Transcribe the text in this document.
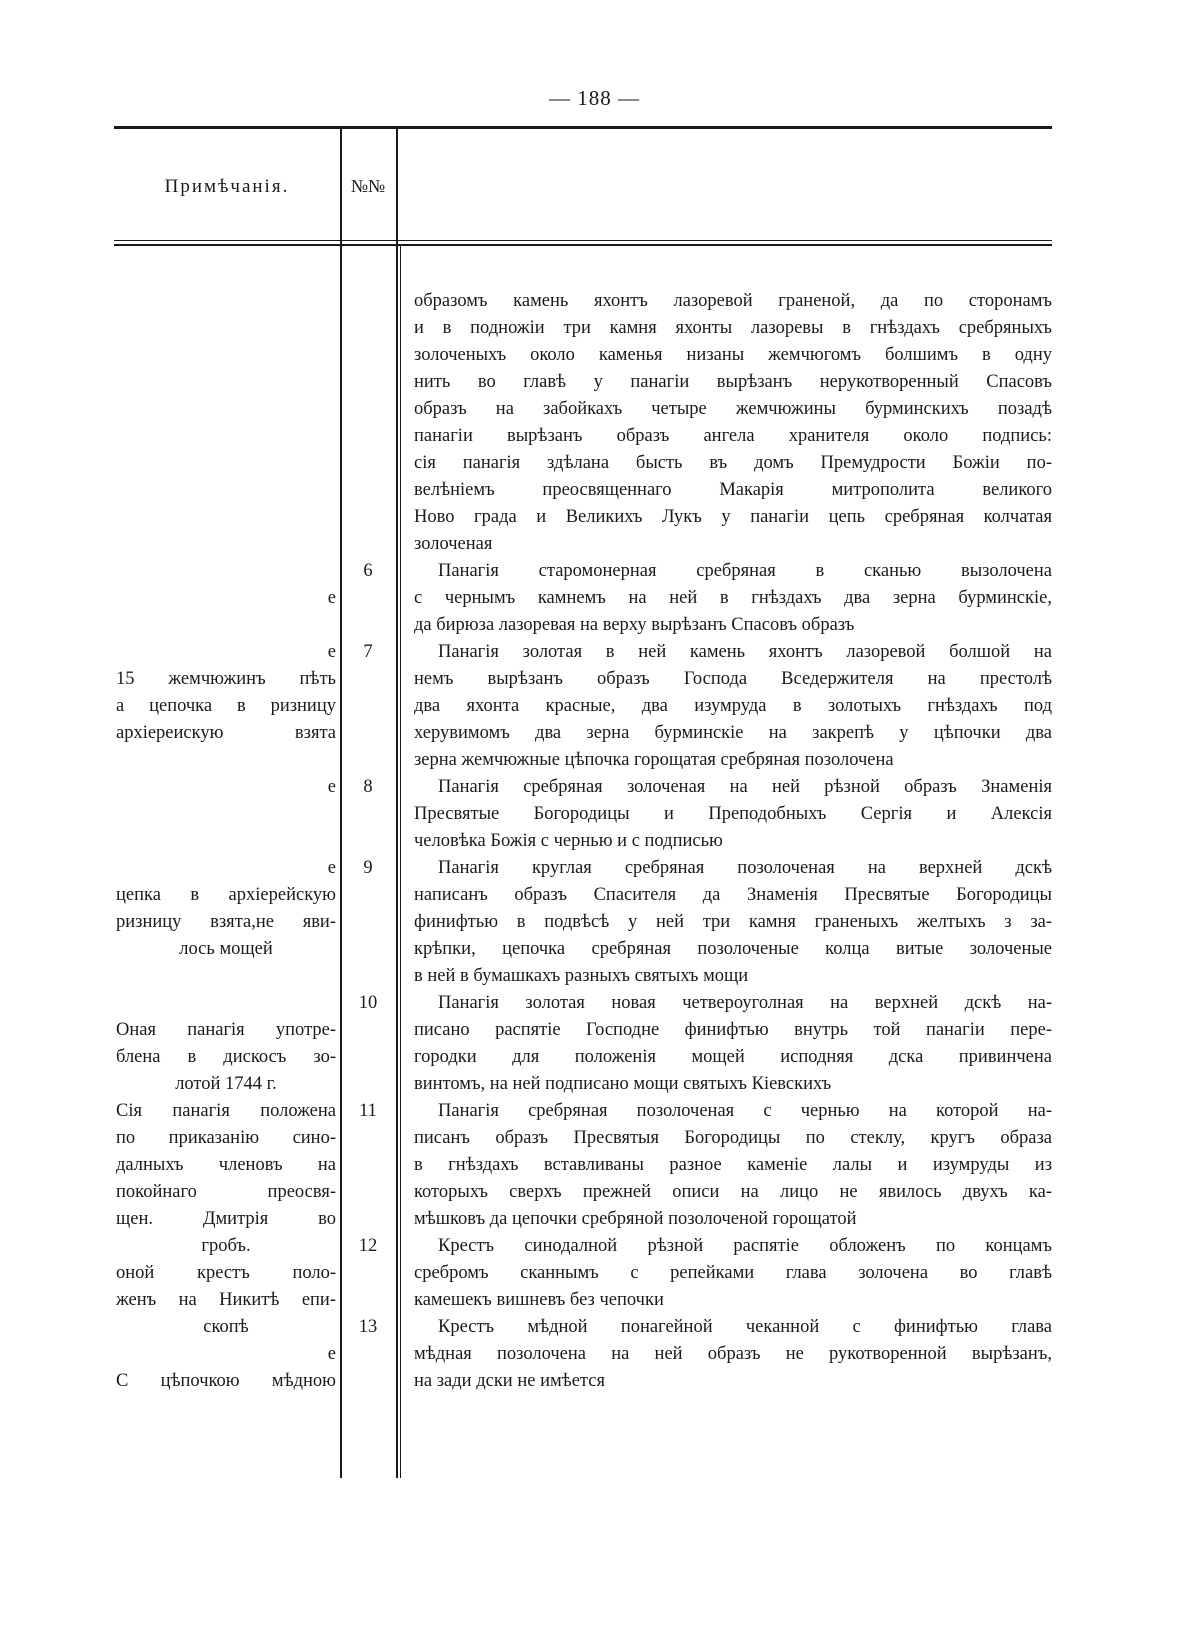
— 188 —
Примѣчанія.	№№
образомъ камень яхонтъ лазоревой граненой, да по сторонамъ
и в подножіи три камня яхонты лазоревы в гнѣздахъ сребряныхъ
золоченыхъ около каменья низаны жемчюгомъ болшимъ в одну
нить во главѣ у панагіи вырѣзанъ нерукотворенный Спасовъ
образъ на забойкахъ четыре жемчюжины бурминскихъ позадѣ
панагіи вырѣзанъ образъ ангела хранителя около подпись:
сія панагія здѣлана бысть въ домъ Премудрости Божіи по-
велѣніемъ преосвященнаго Макарія митрополита великого
Ново града и Великихъ Лукъ у панагіи цепь сребряная колчатая
золоченая
Панагія старомонерная сребряная в сканью вызолочена
с чернымъ камнемъ на ней в гнѣздахъ два зерна бурминскіе,
да бирюза лазоревая на верху вырѣзанъ Спасовъ образъ
Панагія золотая в ней камень яхонтъ лазоревой болшой на
немъ вырѣзанъ образъ Господа Вседержителя на престолѣ
два яхонта красные, два изумруда в золотыхъ гнѣздахъ под
херувимомъ два зерна бурминскіе на закрепѣ у цѣпочки два
зерна жемчюжные цѣпочка горощатая сребряная позолочена
Панагія сребряная золоченая на ней рѣзной образъ Знаменія
Пресвятые Богородицы и Преподобныхъ Сергія и Алексія
человѣка Божія с чернью и с подписью
Панагія круглая сребряная позолоченая на верхней дскѣ
написанъ образъ Спасителя да Знаменія Пресвятые Богородицы
финифтью в подвѣсѣ у ней три камня граненыхъ желтыхъ з за-
крѣпки, цепочка сребряная позолоченые колца витые золоченые
в ней в бумашкахъ разныхъ святыхъ мощи
Панагія золотая новая четвероуголная на верхней дскѣ на-
писано распятіе Господне финифтью внутрь той панагіи пере-
городки для положенія мощей исподняя дска привинчена
винтомъ, на ней подписано мощи святыхъ Кіевскихъ
Панагія сребряная позолоченая с чернью на которой на-
писанъ образъ Пресвятыя Богородицы по стеклу, кругъ образа
в гнѣздахъ вставливаны разное каменіе лалы и изумруды из
которыхъ сверхъ прежней описи на лицо не явилось двухъ ка-
мѣшковъ да цепочки сребряной позолоченой горощатой
Крестъ синодалной рѣзной распятіе обложенъ по концамъ
сребромъ сканнымъ с репейками глава золочена во главѣ
камешекъ вишневъ без чепочки
Крестъ мѣдной понагейной чеканной с финифтью глава
мѣдная позолочена на ней образъ не рукотворенной вырѣзанъ,
на зади дски не имѣется
6
7
8
9
10
11
12
13
е
е
15 жемчюжинъ пѣть
а цепочка в ризницу
архіереискую взята
е
е
цепка в архіерейскую
ризницу взята,не яви-
лось мощей
Оная панагія употре-
блена в дискосъ зо-
лотой 1744 г.
Сія панагія положена
по приказанію сино-
далныхъ членовъ на
покойнаго преосвя-
щен. Дмитрія во
гробъ.
оной крестъ поло-
женъ на Никитѣ епи-
скопѣ
е
С цѣпочкою мѣдною
